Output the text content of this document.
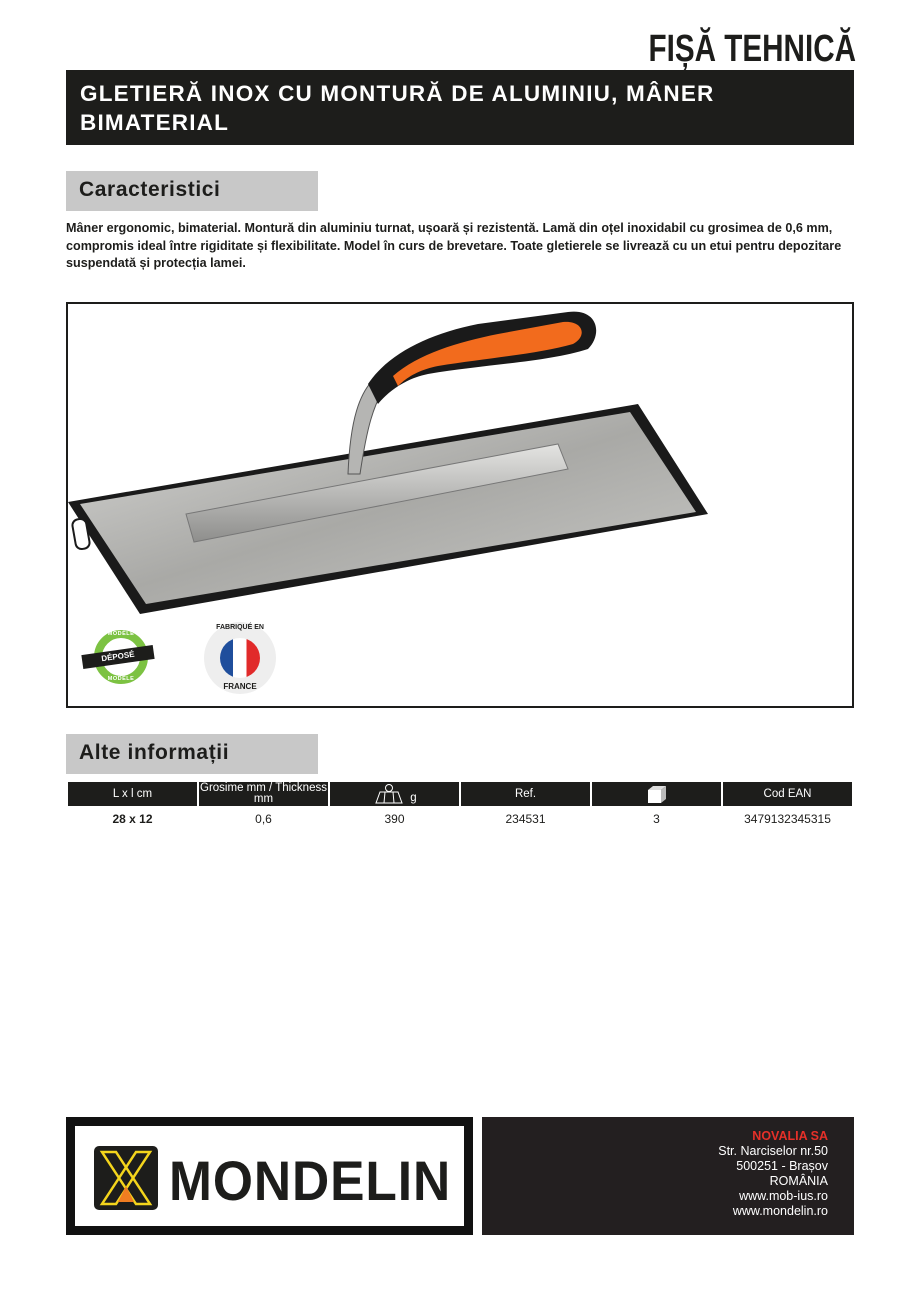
FIȘĂ TEHNICĂ
GLETIERĂ INOX CU MONTURĂ DE ALUMINIU, MÂNER
BIMATERIAL
Caracteristici
Mâner ergonomic, bimaterial. Montură din aluminiu turnat, ușoară și rezistentă. Lamă din oțel inoxidabil cu grosimea de 0,6 mm, compromis ideal între rigiditate și flexibilitate. Model în curs de brevetare. Toate gletierele se livrează cu un etui pentru depozitare suspendată și protecția lamei.
MODÈLE
MODÈLE
DÉPOSÉ
FABRIQUÉ EN
FRANCE
Alte informații
L x l cm	Grosime mm / Thickness mm	g	Ref.		Cod EAN
28 x 12	0,6	390	234531	3	3479132345315
MONDELIN
NOVALIA SA
Str. Narciselor nr.50
500251 - Brașov
ROMÂNIA
www.mob-ius.ro
www.mondelin.ro
